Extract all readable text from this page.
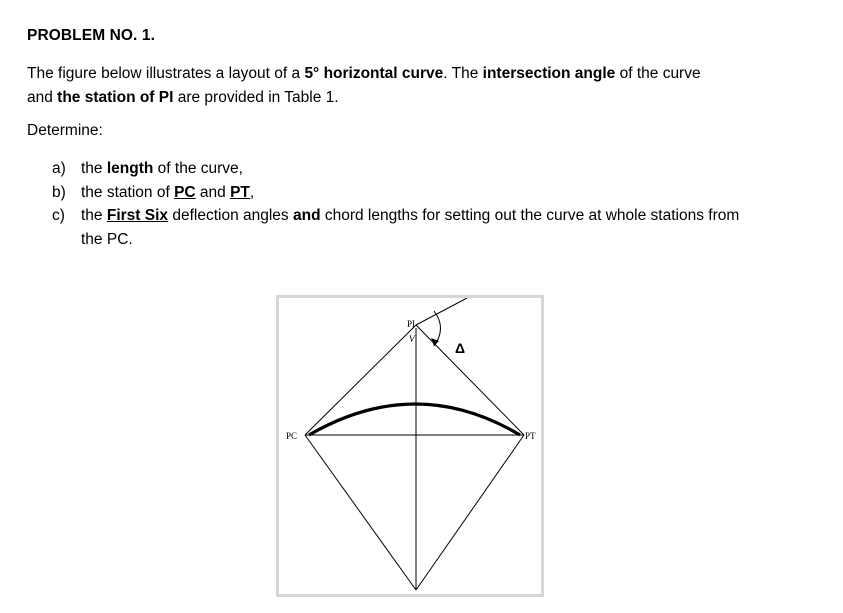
PROBLEM NO. 1.

The figure below illustrates a layout of a 5° horizontal curve. The intersection angle of the curve and the station of PI are provided in Table 1.

Determine:

a) the length of the curve,
b) the station of PC and PT,
c) the First Six deflection angles and chord lengths for setting out the curve at whole stations from the PC.
PI
V
Δ
PC	PT
